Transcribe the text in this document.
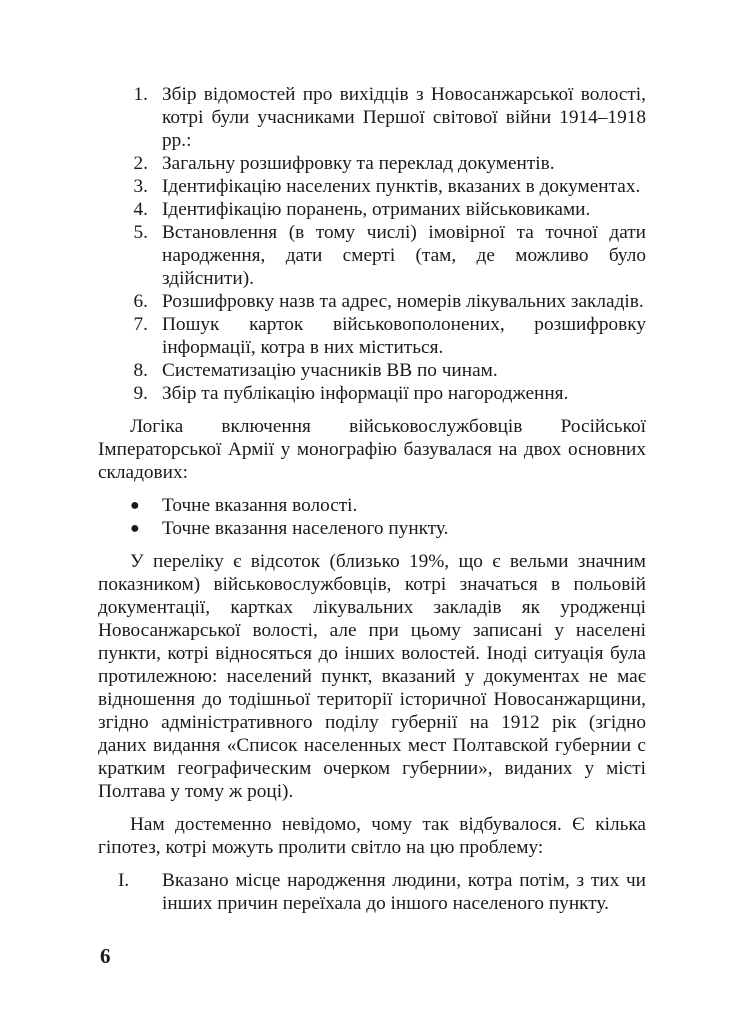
1. Збір відомостей про вихідців з Новосанжарської волості, котрі були учасниками Першої світової війни 1914–1918 рр.:
2. Загальну розшифровку та переклад документів.
3. Ідентифікацію населених пунктів, вказаних в документах.
4. Ідентифікацію поранень, отриманих військовиками.
5. Встановлення (в тому числі) імовірної та точної дати народження, дати смерті (там, де можливо було здійснити).
6. Розшифровку назв та адрес, номерів лікувальних закладів.
7. Пошук карток військовополонених, розшифровку інформації, котра в них міститься.
8. Систематизацію учасників ВВ по чинам.
9. Збір та публікацію інформації про нагородження.

Логіка включення військовослужбовців Російської Імператорської Армії у монографію базувалася на двох основних складових:

● Точне вказання волості.
● Точне вказання населеного пункту.

У переліку є відсоток (близько 19%, що є вельми значним показником) військовослужбовців, котрі значаться в польовій документації, картках лікувальних закладів як уродженці Новосанжарської волості, але при цьому записані у населені пункти, котрі відносяться до інших волостей. Іноді ситуація була протилежною: населений пункт, вказаний у документах не має відношення до тодішньої території історичної Новосанжарщини, згідно адміністративного поділу губернії на 1912 рік (згідно даних видання «Список населенных мест Полтавской губернии с кратким географическим очерком губернии», виданих у місті Полтава у тому ж році).

Нам достеменно невідомо, чому так відбувалося. Є кілька гіпотез, котрі можуть пролити світло на цю проблему:

I. Вказано місце народження людини, котра потім, з тих чи інших причин переїхала до іншого населеного пункту.
6
